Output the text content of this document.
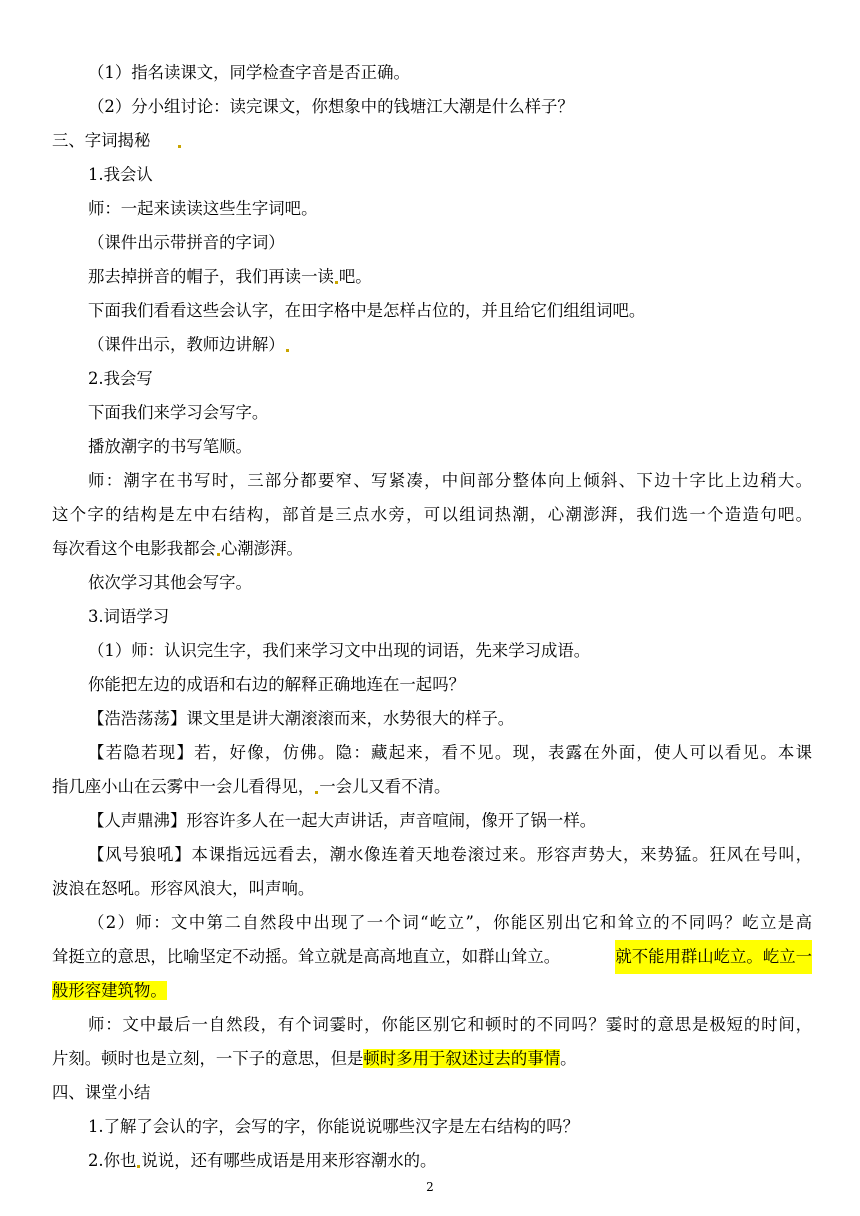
（1）指名读课文，同学检查字音是否正确。
（2）分小组讨论：读完课文，你想象中的钱塘江大潮是什么样子？
三、字词揭秘
1.我会认
师：一起来读读这些生字词吧。
（课件出示带拼音的字词）
那去掉拼音的帽子，我们再读一读 吧。
下面我们看看这些会认字，在田字格中是怎样占位的，并且给它们组组词吧。
（课件出示，教师边讲解）
2.我会写
下面我们来学习会写字。
播放潮字的书写笔顺。
师：潮字在书写时，三部分都要窄、写紧凑，中间部分整体向上倾斜、下边十字比上边稍大。
这个字的结构是左中右结构，部首是三点水旁，可以组词热潮，心潮澎湃，我们选一个造造句吧。
每次看这个电影我都会 心潮澎湃。
依次学习其他会写字。
3.词语学习
（1）师：认识完生字，我们来学习文中出现的词语，先来学习成语。
你能把左边的成语和右边的解释正确地连在一起吗？
【浩浩荡荡】课文里是讲大潮滚滚而来，水势很大的样子。
【若隐若现】若，好像，仿佛。隐：藏起来，看不见。现，表露在外面，使人可以看见。本课
指几座小山在云雾中一会儿看得见， 一会儿又看不清。
【人声鼎沸】形容许多人在一起大声讲话，声音喧闹，像开了锅一样。
【风号狼吼】本课指远远看去，潮水像连着天地卷滚过来。形容声势大，来势猛。狂风在号叫，
波浪在怒吼。形容风浪大，叫声响。
（2）师：文中第二自然段中出现了一个词“屹立”，你能区别出它和耸立的不同吗？屹立是高
耸挺立的意思，比喻坚定不动摇。耸立就是高高地直立，如群山耸立。	就不能用群山屹立。屹立一
般形容建筑物。
师：文中最后一自然段，有个词霎时，你能区别它和顿时的不同吗？霎时的意思是极短的时间，
片刻。顿时也是立刻，一下子的意思，但是顿时多用于叙述过去的事情。
四、课堂小结
1.了解了会认的字，会写的字，你能说说哪些汉字是左右结构的吗？
2.你也 说说，还有哪些成语是用来形容潮水的。
2
